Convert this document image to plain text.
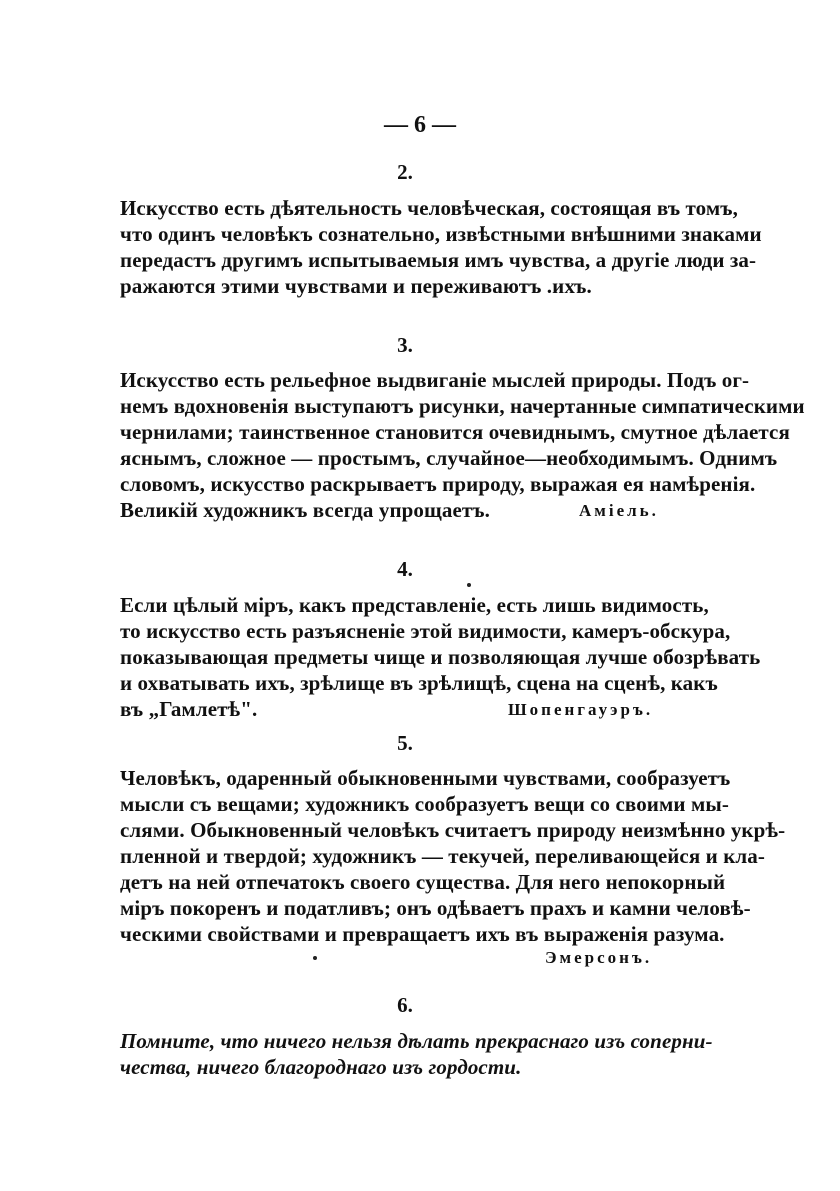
— 6 —
2.
Искусство есть дѣятельность человѣческая, состоящая въ томъ,
что одинъ человѣкъ сознательно, извѣстными внѣшними знаками
передастъ другимъ испытываемыя имъ чувства, а другіе люди за-
ражаются этими чувствами и переживаютъ .ихъ.
3.
Искусство есть рельефное выдвиганіе мыслей природы. Подъ ог-
немъ вдохновенія выступаютъ рисунки, начертанные симпатическими
чернилами; таинственное становится очевиднымъ, смутное дѣлается
яснымъ, сложное — простымъ, случайное—необходимымъ. Однимъ
словомъ, искусство раскрываетъ природу, выражая ея намѣренія.
Великій художникъ всегда упрощаетъ.	Амiель.
4.
Если цѣлый міръ, какъ представленіе, есть лишь видимость,
то искусство есть разъясненіе этой видимости, камеръ-обскура,
показывающая предметы чище и позволяющая лучше обозрѣвать
и охватывать ихъ, зрѣлище въ зрѣлищѣ, сцена на сценѣ, какъ
въ „Гамлетѣ".	Шопенгауэръ.
5.
Человѣкъ, одаренный обыкновенными чувствами, сообразуетъ
мысли съ вещами; художникъ сообразуетъ вещи со своими мы-
слями. Обыкновенный человѣкъ считаетъ природу неизмѣнно укрѣ-
пленной и твердой; художникъ — текучей, переливающейся и кла-
детъ на ней отпечатокъ своего существа. Для него непокорный
міръ покоренъ и податливъ; онъ одѣваетъ прахъ и камни человѣ-
ческими свойствами и превращаетъ ихъ въ выраженія разума.
Эмерсонъ.
6.
Помните, что ничего нельзя дѣлать прекраснаго изъ соперни-
чества, ничего благороднаго изъ гордости.
